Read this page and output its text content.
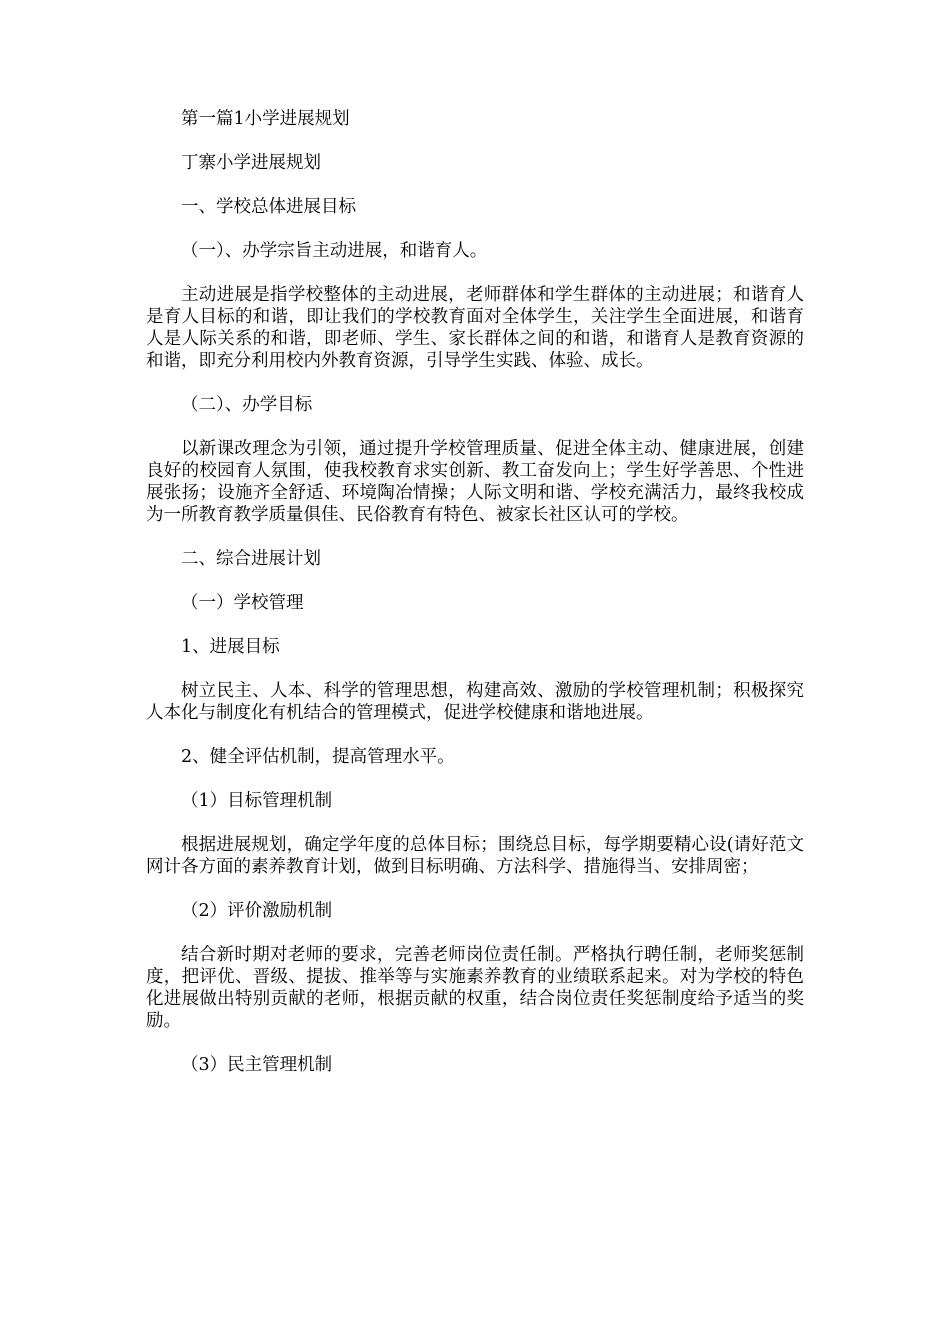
第一篇1小学进展规划

丁寨小学进展规划

一、学校总体进展目标

（一）、办学宗旨主动进展，和谐育人。

主动进展是指学校整体的主动进展，老师群体和学生群体的主动进展；和谐育人是育人目标的和谐，即让我们的学校教育面对全体学生，关注学生全面进展，和谐育人是人际关系的和谐，即老师、学生、家长群体之间的和谐，和谐育人是教育资源的和谐，即充分利用校内外教育资源，引导学生实践、体验、成长。

（二）、办学目标

以新课改理念为引领，通过提升学校管理质量、促进全体主动、健康进展，创建良好的校园育人氛围，使我校教育求实创新、教工奋发向上；学生好学善思、个性进展张扬；设施齐全舒适、环境陶冶情操；人际文明和谐、学校充满活力，最终我校成为一所教育教学质量俱佳、民俗教育有特色、被家长社区认可的学校。

二、综合进展计划

（一）学校管理

1、进展目标

树立民主、人本、科学的管理思想，构建高效、激励的学校管理机制；积极探究人本化与制度化有机结合的管理模式，促进学校健康和谐地进展。

2、健全评估机制，提高管理水平。

（1）目标管理机制

根据进展规划，确定学年度的总体目标；围绕总目标，每学期要精心设(请好范文网计各方面的素养教育计划，做到目标明确、方法科学、措施得当、安排周密；

（2）评价激励机制

结合新时期对老师的要求，完善老师岗位责任制。严格执行聘任制，老师奖惩制度，把评优、晋级、提拔、推举等与实施素养教育的业绩联系起来。对为学校的特色化进展做出特别贡献的老师，根据贡献的权重，结合岗位责任奖惩制度给予适当的奖励。

（3）民主管理机制
